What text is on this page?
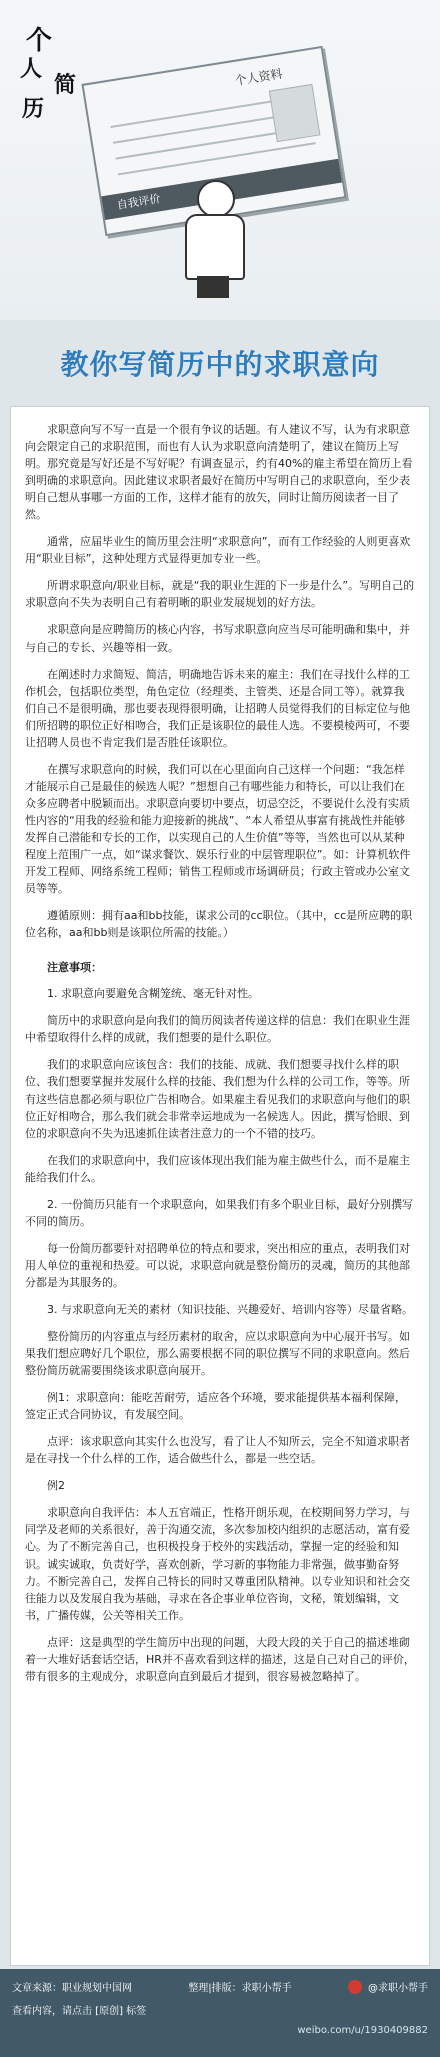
个
人
简
历
个人资料
自我评价
教你写简历中的求职意向

求职意向写不写一直是一个很有争议的话题。有人建议不写，认为有求职意向会限定自己的求职范围，而也有人认为求职意向清楚明了，建议在简历上写明。那究竟是写好还是不写好呢？有调查显示，约有40%的雇主希望在简历上看到明确的求职意向。因此建议求职者最好在简历中写明自己的求职意向，至少表明自己想从事哪一方面的工作，这样才能有的放矢，同时让简历阅读者一目了然。

通常，应届毕业生的简历里会注明“求职意向”，而有工作经验的人则更喜欢用“职业目标”，这种处理方式显得更加专业一些。

所谓求职意向/职业目标，就是“我的职业生涯的下一步是什么”。写明自己的求职意向不失为表明自己有着明晰的职业发展规划的好方法。

求职意向是应聘简历的核心内容，书写求职意向应当尽可能明确和集中，并与自己的专长、兴趣等相一致。

在阐述时力求简短、简洁，明确地告诉未来的雇主：我们在寻找什么样的工作机会，包括职位类型，角色定位（经理类、主管类、还是合同工等）。就算我们自己不是很明确，那也要表现得很明确，让招聘人员觉得我们的目标定位与他们所招聘的职位正好相吻合，我们正是该职位的最佳人选。不要模棱两可，不要让招聘人员也不肯定我们是否胜任该职位。

在撰写求职意向的时候，我们可以在心里面向自己这样一个问题：“我怎样才能展示自己是最佳的候选人呢？”想想自己有哪些能力和特长，可以让我们在众多应聘者中脱颖而出。求职意向要切中要点，切忌空泛，不要说什么没有实质性内容的“用我的经验和能力迎接新的挑战”、“本人希望从事富有挑战性并能够发挥自己潜能和专长的工作，以实现自己的人生价值”等等，当然也可以从某种程度上范围广一点，如“谋求餐饮、娱乐行业的中层管理职位”。如：计算机软件开发工程师、网络系统工程师；销售工程师或市场调研员；行政主管或办公室文员等等。

遵循原则：拥有aa和bb技能，谋求公司的cc职位。（其中，cc是所应聘的职位名称，aa和bb则是该职位所需的技能。）

注意事项：

1. 求职意向要避免含糊笼统、毫无针对性。

简历中的求职意向是向我们的简历阅读者传递这样的信息：我们在职业生涯中希望取得什么样的成就，我们想要的是什么职位。

我们的求职意向应该包含：我们的技能、成就、我们想要寻找什么样的职位、我们想要掌握并发展什么样的技能、我们想为什么样的公司工作，等等。所有这些信息都必须与职位广告相吻合。如果雇主看见我们的求职意向与他们的职位正好相吻合，那么我们就会非常幸运地成为一名候选人。因此，撰写恰眼、到位的求职意向不失为迅速抓住读者注意力的一个不错的技巧。

在我们的求职意向中，我们应该体现出我们能为雇主做些什么，而不是雇主能给我们什么。

2. 一份简历只能有一个求职意向，如果我们有多个职业目标，最好分别撰写不同的简历。

每一份简历都要针对招聘单位的特点和要求，突出相应的重点，表明我们对用人单位的重视和热爱。可以说，求职意向就是整份简历的灵魂，简历的其他部分都是为其服务的。

3. 与求职意向无关的素材（知识技能、兴趣爱好、培训内容等）尽量省略。

整份简历的内容重点与经历素材的取舍，应以求职意向为中心展开书写。如果我们想应聘好几个职位，那么需要根据不同的职位撰写不同的求职意向。然后整份简历就需要围绕该求职意向展开。

例1：求职意向：能吃苦耐劳，适应各个环境，要求能提供基本福利保障，签定正式合同协议，有发展空间。

点评：该求职意向其实什么也没写，看了让人不知所云，完全不知道求职者是在寻找一个什么样的工作，适合做些什么，都是一些空话。

例2

求职意向自我评估：本人五官端正，性格开朗乐观，在校期间努力学习，与同学及老师的关系很好，善于沟通交流，多次参加校内组织的志愿活动，富有爱心。为了不断完善自己，也积极投身于校外的实践活动，掌握一定的经验和知识。诚实诚取，负责好学，喜欢创新，学习新的事物能力非常强，做事勤奋努力。不断完善自己，发挥自己特长的同时又尊重团队精神。以专业知识和社会交往能力以及发展自我为基础，寻求在各企事业单位咨询，文秘，策划编辑，文书，广播传媒，公关等相关工作。

点评：这是典型的学生简历中出现的问题，大段大段的关于自己的描述堆砌着一大堆好话套话空话，HR并不喜欢看到这样的描述，这是自己对自己的评价，带有很多的主观成分，求职意向直到最后才提到，很容易被忽略掉了。

文章来源：职业规划中国网	整理|排版：求职小帮手	@求职小帮手
查看内容，请点击 [原创] 标签
weibo.com/u/1930409882
